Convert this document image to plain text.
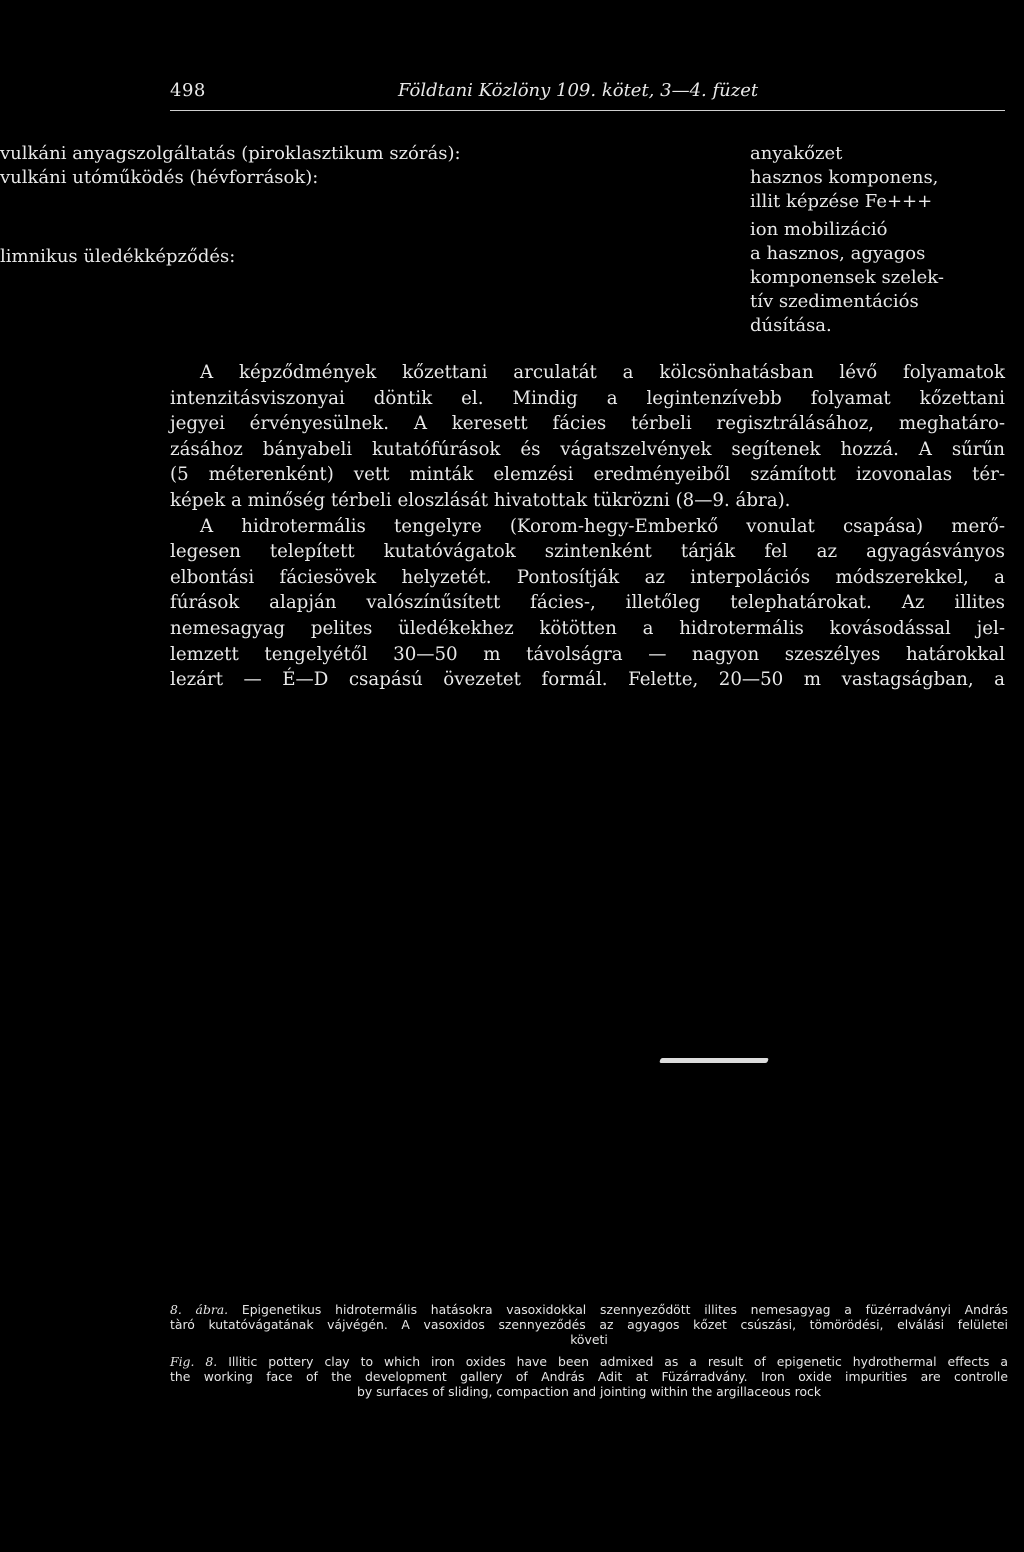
498	Földtani Közlöny 109. kötet, 3—4. füzet
vulkáni anyagszolgáltatás (piroklasztikum szórás):
vulkáni utóműködés (hévforrások):
limnikus üledékképződés:
anyakőzet
hasznos komponens,
illit képzése Fe+++
ion mobilizáció
a hasznos, agyagos
komponensek szelek-
tív szedimentációs
dúsítása.

A képződmények kőzettani arculatát a kölcsönhatásban lévő folyamatok

intenzitásviszonyai döntik el. Mindig a legintenzívebb folyamat kőzettani

jegyei érvényesülnek. A keresett fácies térbeli regisztrálásához, meghatáro-

zásához bányabeli kutatófúrások és vágatszelvények segítenek hozzá. A sűrűn

(5 méterenként) vett minták elemzési eredményeiből számított izovonalas tér-

képek a minőség térbeli eloszlását hivatottak tükrözni (8—9. ábra).

A hidrotermális tengelyre (Korom-hegy-Emberkő vonulat csapása) merő-

legesen telepített kutatóvágatok szintenként tárják fel az agyagásványos

elbontási fáciesövek helyzetét. Pontosítják az interpolációs módszerekkel, a

fúrások alapján valószínűsített fácies-, illetőleg telephatárokat. Az illites

nemesagyag pelites üledékekhez kötötten a hidrotermális kovásodással jel-

lemzett tengelyétől 30—50 m távolságra — nagyon szeszélyes határokkal

lezárt — É—D csapású övezetet formál. Felette, 20—50 m vastagságban, a

8. ábra. Epigenetikus hidrotermális hatásokra vasoxidokkal szennyeződött illites nemesagyag a füzérradványi András

tàró kutatóvágatának vájvégén. A vasoxidos szennyeződés az agyagos kőzet csúszási, tömörödési, elválási felületei

követi

Fig. 8. Illitic pottery clay to which iron oxides have been admixed as a result of epigenetic hydrothermal effects a

the working face of the development gallery of András Adit at Füzárradvány. Iron oxide impurities are controlle

by surfaces of sliding, compaction and jointing within the argillaceous rock
